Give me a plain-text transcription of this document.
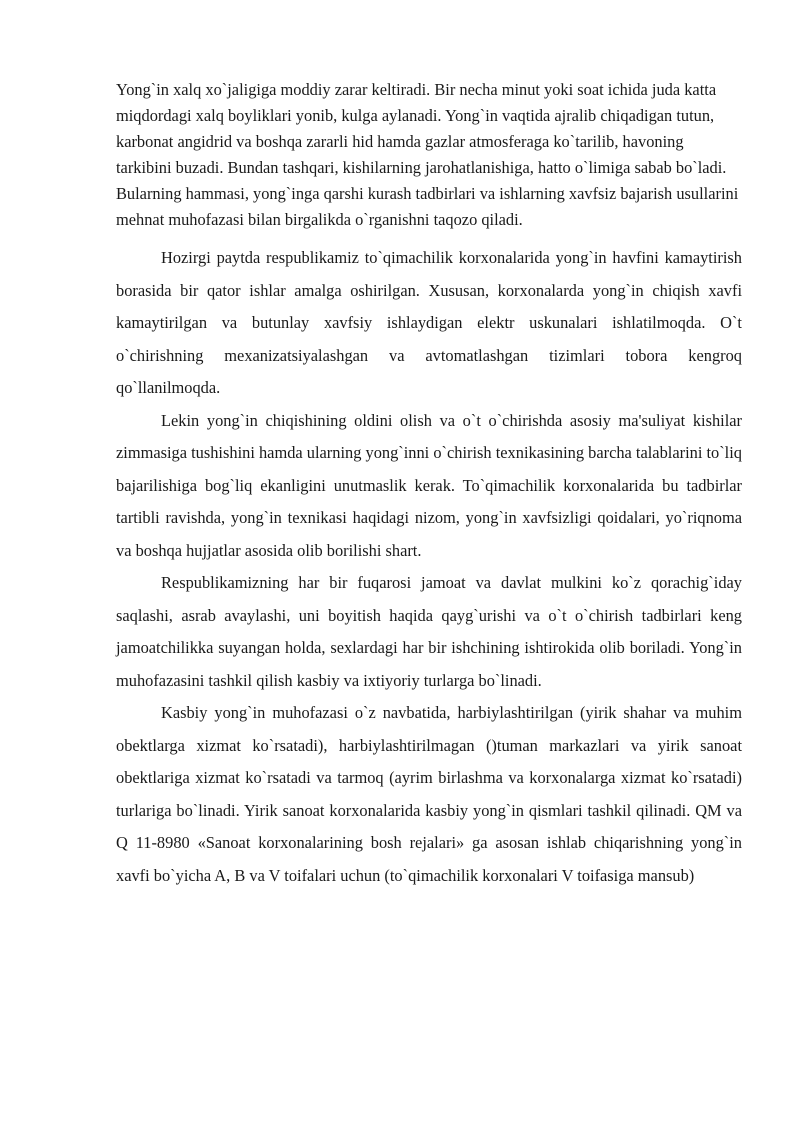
Yong`in xalq xo`jaligiga moddiy zarar keltiradi. Bir necha minut yoki soat ichida juda katta miqdordagi xalq boyliklari yonib, kulga aylanadi. Yong`in vaqtida ajralib chiqadigan tutun, karbonat angidrid va boshqa zararli hid hamda gazlar atmosferaga ko`tarilib, havoning tarkibini buzadi. Bundan tashqari, kishilarning jarohatlanishiga, hatto o`limiga sabab bo`ladi. Bularning hammasi, yong`inga qarshi kurash tadbirlari va ishlarning xavfsiz bajarish usullarini mehnat muhofazasi bilan birgalikda o`rganishni taqozo qiladi.

Hozirgi paytda respublikamiz to`qimachilik korxonalarida yong`in havfini kamaytirish borasida bir qator ishlar amalga oshirilgan. Xususan, korxonalarda yong`in chiqish xavfi kamaytirilgan va butunlay xavfsiy ishlaydigan elektr uskunalari ishlatilmoqda. O`t o`chirishning mexanizatsiyalashgan va avtomatlashgan tizimlari tobora kengroq qo`llanilmoqda.

Lekin yong`in chiqishining oldini olish va o`t o`chirishda asosiy ma'suliyat kishilar zimmasiga tushishini hamda ularning yong`inni o`chirish texnikasining barcha talablarini to`liq bajarilishiga bog`liq ekanligini unutmaslik kerak. To`qimachilik korxonalarida bu tadbirlar tartibli ravishda, yong`in texnikasi haqidagi nizom, yong`in xavfsizligi qoidalari, yo`riqnoma va boshqa hujjatlar asosida olib borilishi shart.

Respublikamizning har bir fuqarosi jamoat va davlat mulkini ko`z qorachig`iday saqlashi, asrab avaylashi, uni boyitish haqida qayg`urishi va o`t o`chirish tadbirlari keng jamoatchilikka suyangan holda, sexlardagi har bir ishchining ishtirokida olib boriladi. Yong`in muhofazasini tashkil qilish kasbiy va ixtiyoriy turlarga bo`linadi.

Kasbiy yong`in muhofazasi o`z navbatida, harbiylashtirilgan (yirik shahar va muhim obektlarga xizmat ko`rsatadi), harbiylashtirilmagan ()tuman markazlari va yirik sanoat obektlariga xizmat ko`rsatadi va tarmoq (ayrim birlashma va korxonalarga xizmat ko`rsatadi) turlariga bo`linadi. Yirik sanoat korxonalarida kasbiy yong`in qismlari tashkil qilinadi. QM va Q 11-8980 «Sanoat korxonalarining bosh rejalari» ga asosan ishlab chiqarishning yong`in xavfi bo`yicha A, B va V toifalari uchun (to`qimachilik korxonalari V toifasiga mansub)
